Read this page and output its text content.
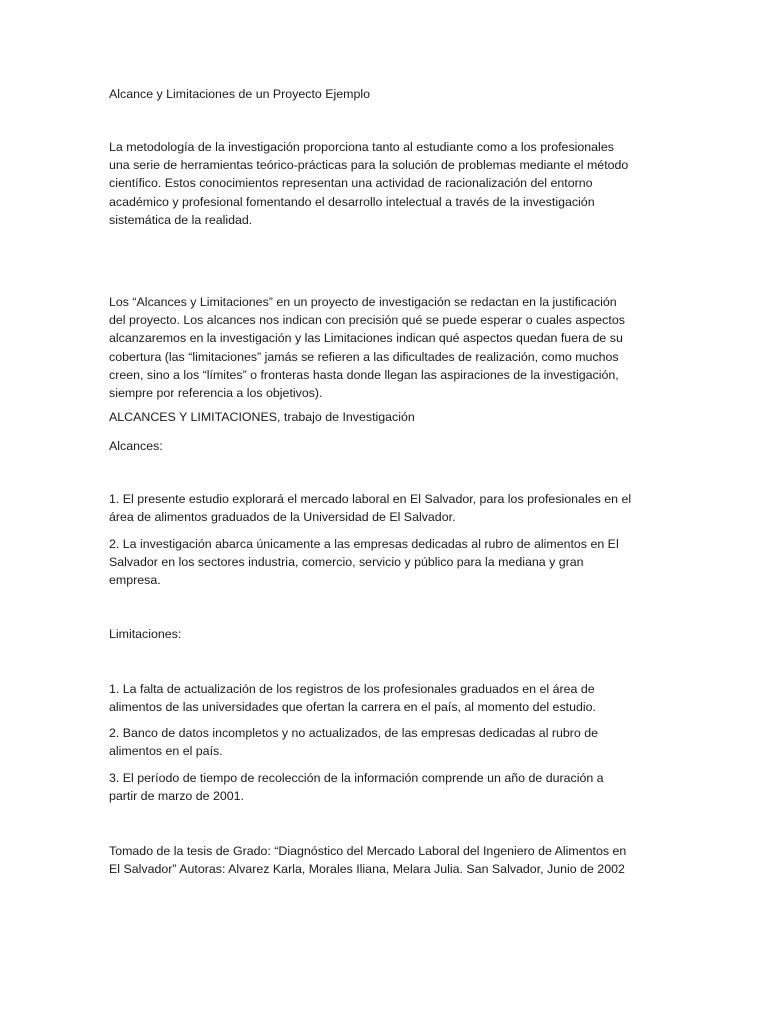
Alcance y Limitaciones de un Proyecto Ejemplo

La metodología de la investigación proporciona tanto al estudiante como a los profesionales
una serie de herramientas teórico-prácticas para la solución de problemas mediante el método
científico. Estos conocimientos representan una actividad de racionalización del entorno
académico y profesional fomentando el desarrollo intelectual a través de la investigación
sistemática de la realidad.

Los “Alcances y Limitaciones” en un proyecto de investigación se redactan en la justificación
del proyecto. Los alcances nos indican con precisión qué se puede esperar o cuales aspectos
alcanzaremos en la investigación y las Limitaciones indican qué aspectos quedan fuera de su
cobertura (las “limitaciones” jamás se refieren a las dificultades de realización, como muchos
creen, sino a los “límites” o fronteras hasta donde llegan las aspiraciones de la investigación,
siempre por referencia a los objetivos).

ALCANCES Y LIMITACIONES, trabajo de Investigación

Alcances:

1. El presente estudio explorará el mercado laboral en El Salvador, para los profesionales en el
área de alimentos graduados de la Universidad de El Salvador.

2. La investigación abarca únicamente a las empresas dedicadas al rubro de alimentos en El
Salvador en los sectores industria, comercio, servicio y público para la mediana y gran
empresa.

Limitaciones:

1. La falta de actualización de los registros de los profesionales graduados en el área de
alimentos de las universidades que ofertan la carrera en el país, al momento del estudio.

2. Banco de datos incompletos y no actualizados, de las empresas dedicadas al rubro de
alimentos en el país.

3. El período de tiempo de recolección de la información comprende un año de duración a
partir de marzo de 2001.

Tomado de la tesis de Grado: “Diagnóstico del Mercado Laboral del Ingeniero de Alimentos en
El Salvador” Autoras: Alvarez Karla, Morales Iliana, Melara Julia. San Salvador, Junio de 2002
